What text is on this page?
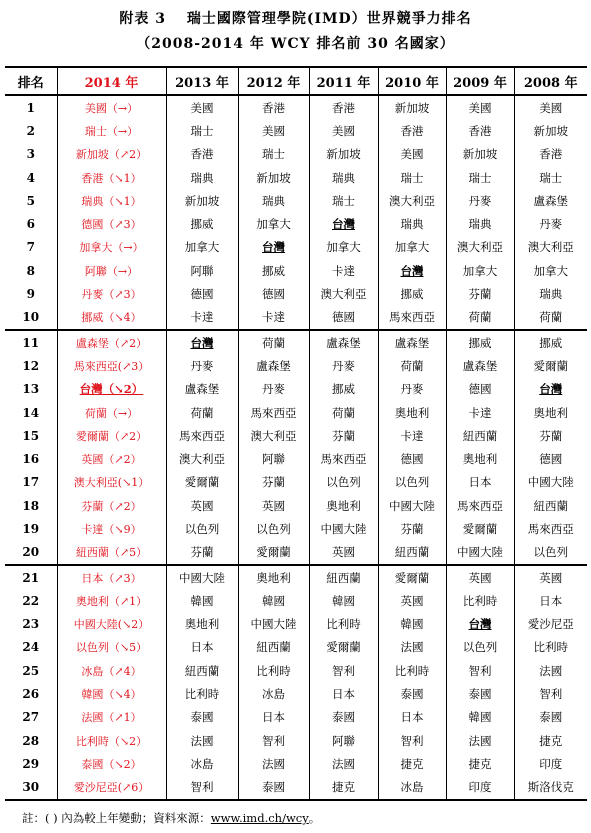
附表 3　 瑞士國際管理學院(IMD）世界競爭力排名
（2008-2014 年 WCY 排名前 30 名國家）
排名	2014 年	2013 年	2012 年	2011 年	2010 年	2009 年	2008 年
1	美國（→）	美國	香港	香港	新加坡	美國	美國
2	瑞士（→）	瑞士	美國	美國	香港	香港	新加坡
3	新加坡（↗2）	香港	瑞士	新加坡	美國	新加坡	香港
4	香港（↘1）	瑞典	新加坡	瑞典	瑞士	瑞士	瑞士
5	瑞典（↘1）	新加坡	瑞典	瑞士	澳大利亞	丹麥	盧森堡
6	德國（↗3）	挪威	加拿大	台灣	瑞典	瑞典	丹麥
7	加拿大（→）	加拿大	台灣	加拿大	加拿大	澳大利亞	澳大利亞
8	阿聯（→）	阿聯	挪威	卡達	台灣	加拿大	加拿大
9	丹麥（↗3）	德國	德國	澳大利亞	挪威	芬蘭	瑞典
10	挪威（↘4）	卡達	卡達	德國	馬來西亞	荷蘭	荷蘭
11	盧森堡（↗2）	台灣	荷蘭	盧森堡	盧森堡	挪威	挪威
12	馬來西亞(↗3）	丹麥	盧森堡	丹麥	荷蘭	盧森堡	愛爾蘭
13	台灣（↘2）	盧森堡	丹麥	挪威	丹麥	德國	台灣
14	荷蘭（→）	荷蘭	馬來西亞	荷蘭	奧地利	卡達	奧地利
15	愛爾蘭（↗2）	馬來西亞	澳大利亞	芬蘭	卡達	紐西蘭	芬蘭
16	英國（↗2）	澳大利亞	阿聯	馬來西亞	德國	奧地利	德國
17	澳大利亞(↘1）	愛爾蘭	芬蘭	以色列	以色列	日本	中國大陸
18	芬蘭（↗2）	英國	英國	奧地利	中國大陸	馬來西亞	紐西蘭
19	卡達（↘9）	以色列	以色列	中國大陸	芬蘭	愛爾蘭	馬來西亞
20	紐西蘭（↗5）	芬蘭	愛爾蘭	英國	紐西蘭	中國大陸	以色列
21	日本（↗3）	中國大陸	奧地利	紐西蘭	愛爾蘭	英國	英國
22	奧地利（↗1）	韓國	韓國	韓國	英國	比利時	日本
23	中國大陸(↘2）	奧地利	中國大陸	比利時	韓國	台灣	愛沙尼亞
24	以色列（↘5）	日本	紐西蘭	愛爾蘭	法國	以色列	比利時
25	冰島（↗4）	紐西蘭	比利時	智利	比利時	智利	法國
26	韓國（↘4）	比利時	冰島	日本	泰國	泰國	智利
27	法國（↗1）	泰國	日本	泰國	日本	韓國	泰國
28	比利時（↘2）	法國	智利	阿聯	智利	法國	捷克
29	泰國（↘2）	冰島	法國	法國	捷克	捷克	印度
30	愛沙尼亞(↗6）	智利	泰國	捷克	冰島	印度	斯洛伐克
註：( ) 內為較上年變動；資料來源：www.imd.ch/wcy。
